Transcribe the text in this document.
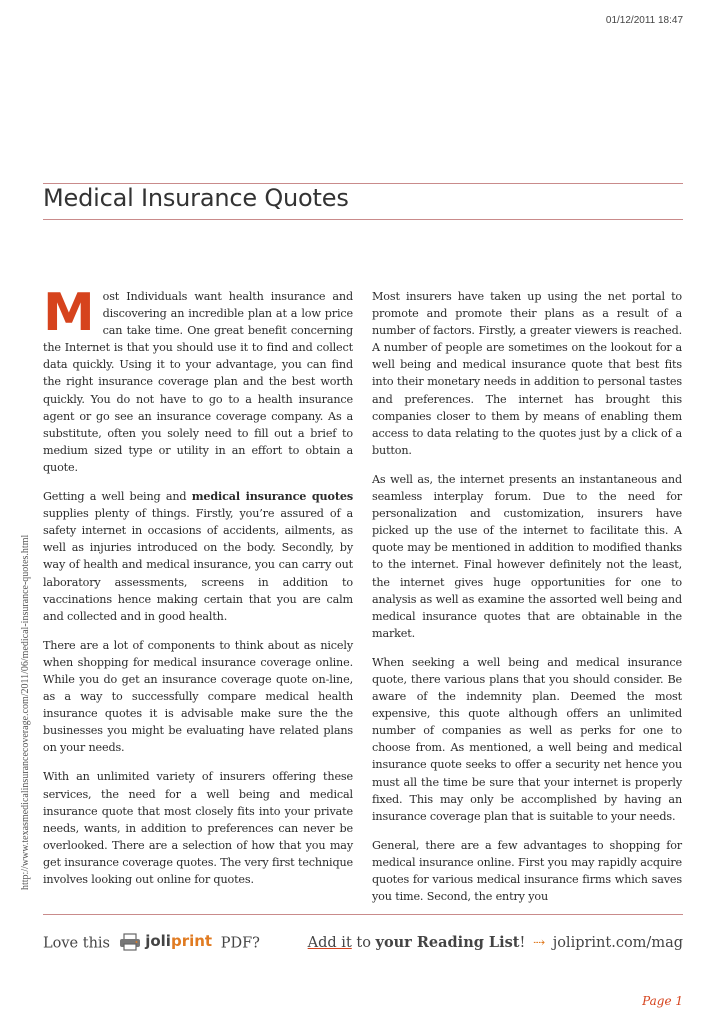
01/12/2011 18:47
Medical Insurance Quotes
http://www.texasmedicalinsurancecoverage.com/2011/06/medical-insurance-quotes.html

Most Individuals want health insurance and discovering an incredible plan at a low price can take time. One great benefit concerning the Internet is that you should use it to find and collect data quickly. Using it to your advantage, you can find the right insurance coverage plan and the best worth quickly. You do not have to go to a health insurance agent or go see an insurance coverage company. As a substitute, often you solely need to fill out a brief to medium sized type or utility in an effort to obtain a quote.

Getting a well being and medical insurance quotes supplies plenty of things. Firstly, you’re assured of a safety internet in occasions of accidents, ailments, as well as injuries introduced on the body. Secondly, by way of health and medical insurance, you can carry out laboratory assessments, screens in addition to vaccinations hence making certain that you are calm and collected and in good health.

There are a lot of components to think about as nicely when shopping for medical insurance coverage online. While you do get an insurance coverage quote on-line, as a way to successfully compare medical health insurance quotes it is advisable make sure the the businesses you might be evaluating have related plans on your needs.

With an unlimited variety of insurers offering these services, the need for a well being and medical insurance quote that most closely fits into your private needs, wants, in addition to preferences can never be overlooked. There are a selection of how that you may get insurance coverage quotes. The very first technique involves looking out online for quotes.

Most insurers have taken up using the net portal to promote and promote their plans as a result of a number of factors. Firstly, a greater viewers is reached. A number of people are sometimes on the lookout for a well being and medical insurance quote that best fits into their monetary needs in addition to personal tastes and preferences. The internet has brought this companies closer to them by means of enabling them access to data relating to the quotes just by a click of a button.

As well as, the internet presents an instantaneous and seamless interplay forum. Due to the need for personalization and customization, insurers have picked up the use of the internet to facilitate this. A quote may be mentioned in addition to modified thanks to the internet. Final however definitely not the least, the internet gives huge opportunities for one to analysis as well as examine the assorted well being and medical insurance quotes that are obtainable in the market.

When seeking a well being and medical insurance quote, there various plans that you should consider. Be aware of the indemnity plan. Deemed the most expensive, this quote although offers an unlimited number of companies as well as perks for one to choose from. As mentioned, a well being and medical insurance quote seeks to offer a security net hence you must all the time be sure that your internet is properly fixed. This may only be accomplished by having an insurance coverage plan that is suitable to your needs.

General, there are a few advantages to shopping for medical insurance online. First you may rapidly acquire quotes for various medical insurance firms which saves you time. Second, the entry you

Love this joliprint PDF?	Add it to your Reading List! ⇢ joliprint.com/mag
Page 1
